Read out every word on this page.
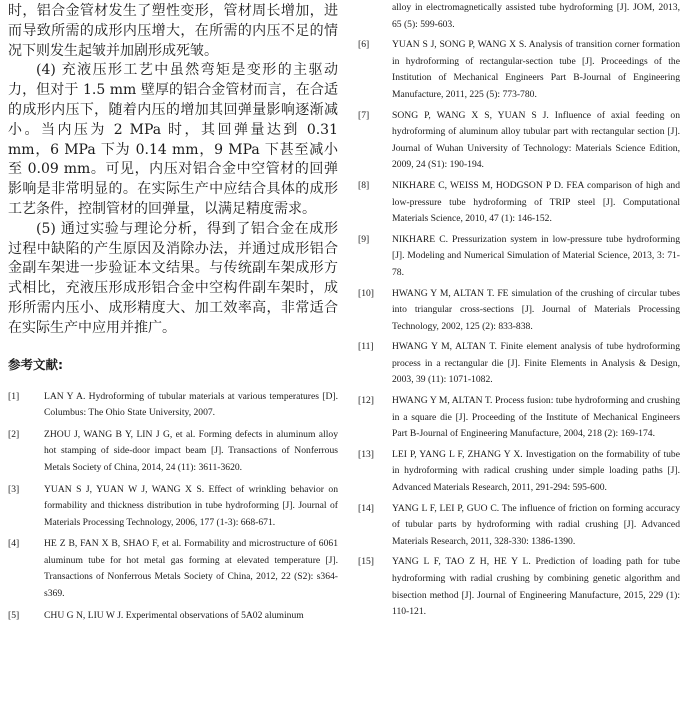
时，铝合金管材发生了塑性变形，管材周长增加，进而导致所需的成形内压增大，在所需的内压不足的情况下则发生起皱并加剧形成死皱。

(4) 充液压形工艺中虽然弯矩是变形的主驱动力，但对于 1.5 mm 壁厚的铝合金管材而言，在合适的成形内压下，随着内压的增加其回弹量影响逐渐减小。当内压为 2 MPa 时，其回弹量达到 0.31 mm，6 MPa 下为 0.14 mm，9 MPa 下甚至减小至 0.09 mm。可见，内压对铝合金中空管材的回弹影响是非常明显的。在实际生产中应结合具体的成形工艺条件，控制管材的回弹量，以满足精度需求。

(5) 通过实验与理论分析，得到了铝合金在成形过程中缺陷的产生原因及消除办法，并通过成形铝合金副车架进一步验证本文结果。与传统副车架成形方式相比，充液压形成形铝合金中空构件副车架时，成形所需内压小、成形精度大、加工效率高，非常适合在实际生产中应用并推广。

参考文献:
[1]	LAN Y A. Hydroforming of tubular materials at various temperatures [D]. Columbus: The Ohio State University, 2007.
[2]	ZHOU J, WANG B Y, LIN J G, et al. Forming defects in aluminum alloy hot stamping of side-door impact beam [J]. Transactions of Nonferrous Metals Society of China, 2014, 24 (11): 3611-3620.
[3]	YUAN S J, YUAN W J, WANG X S. Effect of wrinkling behavior on formability and thickness distribution in tube hydroforming [J]. Journal of Materials Processing Technology, 2006, 177 (1-3): 668-671.
[4]	HE Z B, FAN X B, SHAO F, et al. Formability and microstructure of 6061 aluminum tube for hot metal gas forming at elevated temperature [J]. Transactions of Nonferrous Metals Society of China, 2012, 22 (S2): s364-s369.
[5]	CHU G N, LIU W J. Experimental observations of 5A02 aluminum

alloy in electromagnetically assisted tube hydroforming [J]. JOM, 2013, 65 (5): 599-603.

[6]	YUAN S J, SONG P, WANG X S. Analysis of transition corner formation in hydroforming of rectangular-section tube [J]. Proceedings of the Institution of Mechanical Engineers Part B-Journal of Engineering Manufacture, 2011, 225 (5): 773-780.
[7]	SONG P, WANG X S, YUAN S J. Influence of axial feeding on hydroforming of aluminum alloy tubular part with rectangular section [J]. Journal of Wuhan University of Technology: Materials Science Edition, 2009, 24 (S1): 190-194.
[8]	NIKHARE C, WEISS M, HODGSON P D. FEA comparison of high and low-pressure tube hydroforming of TRIP steel [J]. Computational Materials Science, 2010, 47 (1): 146-152.
[9]	NIKHARE C. Pressurization system in low-pressure tube hydroforming [J]. Modeling and Numerical Simulation of Material Science, 2013, 3: 71-78.
[10]	HWANG Y M, ALTAN T. FE simulation of the crushing of circular tubes into triangular cross-sections [J]. Journal of Materials Processing Technology, 2002, 125 (2): 833-838.
[11]	HWANG Y M, ALTAN T. Finite element analysis of tube hydroforming process in a rectangular die [J]. Finite Elements in Analysis & Design, 2003, 39 (11): 1071-1082.
[12]	HWANG Y M, ALTAN T. Process fusion: tube hydroforming and crushing in a square die [J]. Proceeding of the Institute of Mechanical Engineers Part B-Journal of Engineering Manufacture, 2004, 218 (2): 169-174.
[13]	LEI P, YANG L F, ZHANG Y X. Investigation on the formability of tube in hydroforming with radical crushing under simple loading paths [J]. Advanced Materials Research, 2011, 291-294: 595-600.
[14]	YANG L F, LEI P, GUO C. The influence of friction on forming accuracy of tubular parts by hydroforming with radial crushing [J]. Advanced Materials Research, 2011, 328-330: 1386-1390.
[15]	YANG L F, TAO Z H, HE Y L. Prediction of loading path for tube hydroforming with radial crushing by combining genetic algorithm and bisection method [J]. Journal of Engineering Manufacture, 2015, 229 (1): 110-121.
